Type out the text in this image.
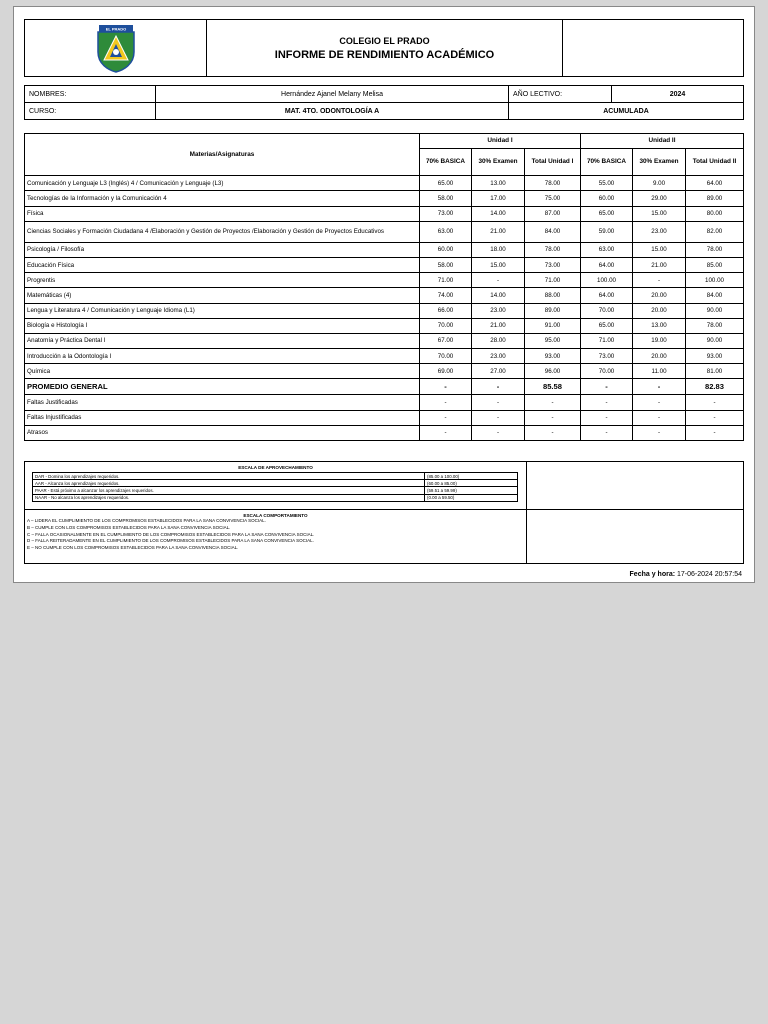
EL PRADO

COLEGIO EL PRADO
INFORME DE RENDIMIENTO ACADÉMICO

NOMBRES:	Hernández Ajanel Melany Melisa	AÑO LECTIVO:	2024
CURSO:	MAT. 4TO. ODONTOLOGÍA A	ACUMULADA	
Materias/Asignaturas	Unidad I			Unidad II		
	70% BASICA	30% Examen	Total Unidad I	70% BASICA	30% Examen	Total Unidad II
Comunicación y Lenguaje L3 (Inglés) 4 / Comunicación y Lenguaje (L3)	65.00	13.00	78.00	55.00	9.00	64.00
Tecnologías de la Información y la Comunicación 4	58.00	17.00	75.00	60.00	29.00	89.00
Física	73.00	14.00	87.00	65.00	15.00	80.00
Ciencias Sociales y Formación Ciudadana 4 /Elaboración y Gestión de Proyectos /Elaboración y Gestión de Proyectos Educativos	63.00	21.00	84.00	59.00	23.00	82.00
Psicología / Filosofía	60.00	18.00	78.00	63.00	15.00	78.00
Educación Física	58.00	15.00	73.00	64.00	21.00	85.00
Progrentis	71.00	-	71.00	100.00	-	100.00
Matemáticas (4)	74.00	14.00	88.00	64.00	20.00	84.00
Lengua y Literatura 4 / Comunicación y Lenguaje Idioma (L1)	66.00	23.00	89.00	70.00	20.00	90.00
Biología e Histología I	70.00	21.00	91.00	65.00	13.00	78.00
Anatomía y Práctica Dental I	67.00	28.00	95.00	71.00	19.00	90.00
Introducción a la Odontología I	70.00	23.00	93.00	73.00	20.00	93.00
Química	69.00	27.00	96.00	70.00	11.00	81.00
PROMEDIO GENERAL	-	-	85.58	-	-	82.83
Faltas Justificadas	-	-	-	-	-	-
Faltas Injustificadas	-	-	-	-	-	-
Atrasos	-	-	-	-	-	-
ESCALA DE APROVECHAMIENTO
DAR - Domina los aprendizajes requeridos.	(85.00 a 100.00)
AAR - Alcanza los aprendizajes requeridos.	(60.00 a 85.00)
PAAR - Está próximo a alcanzar los aprendizajes requeridos.	(59.51 a 59.99)
NAAR - No alcanza los aprendizajes requeridos.	(0.00 a 59.50)
ESCALA COMPORTAMIENTO
A – LIDERA EL CUMPLIMIENTO DE LOS COMPROMISOS ESTABLECIDOS PARA LA SANA CONVIVENCIA SOCIAL.
B – CUMPLE CON LOS COMPROMISOS ESTABLECIDOS PARA LA SANA CONVIVENCIA SOCIAL.
C – FALLA OCASIONALMENTE EN EL CUMPLIMIENTO DE LOS COMPROMISOS ESTABLECIDOS PARA LA SANA CONVIVENCIA SOCIAL.
D – FALLA REITERADAMENTE EN EL CUMPLIMIENTO DE LOS COMPROMISOS ESTABLECIDOS PARA LA SANA CONVIVENCIA SOCIAL.
E – NO CUMPLE CON LOS COMPROMISOS ESTABLECIDOS PARA LA SANA CONVIVENCIA SOCIAL.
Fecha y hora: 17-06-2024 20:57:54
